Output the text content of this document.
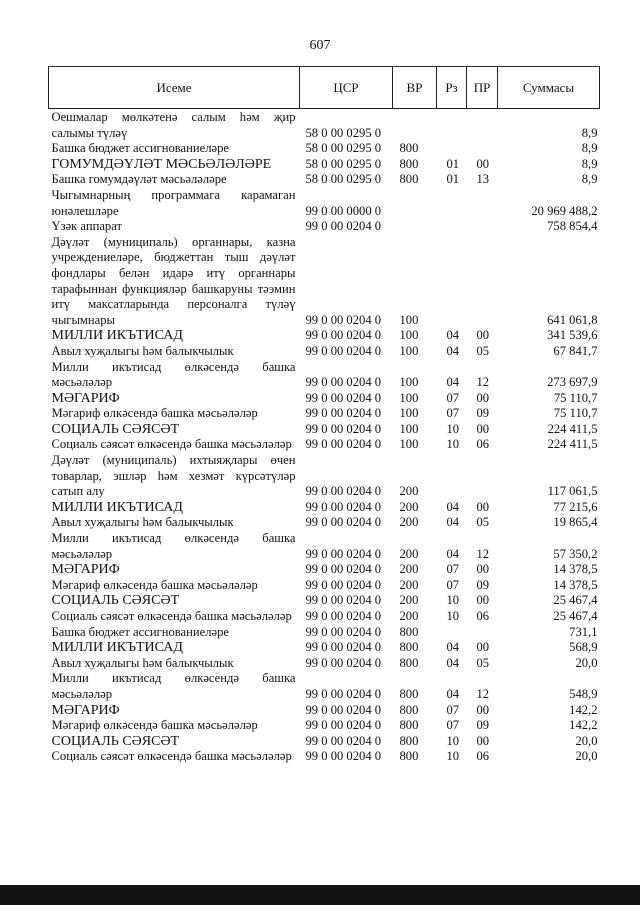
607
Исеме	ЦСР	ВР	Рз	ПР	Суммасы
Оешмалар мөлкәтенә салым һәм җир салымы түләү	58 0 00 0295 0				8,9
Башка бюджет ассигнованиеләре	58 0 00 0295 0	800			8,9
ГОМУМДӘҮЛӘТ МӘСЬӘЛӘЛӘРЕ	58 0 00 0295 0	800	01	00	8,9
Башка гомумдәүләт мәсьәләләре	58 0 00 0295 0	800	01	13	8,9
Чыгымнарның программага карамаган юнәлешләре	99 0 00 0000 0				20 969 488,2
Үзәк аппарат	99 0 00 0204 0				758 854,4
Дәүләт (муниципаль) органнары, казна учреждениеләре, бюджеттан тыш дәүләт фондлары белән идарә итү органнары тарафыннан функцияләр башкаруны тәэмин итү максатларында персоналга түләү чыгымнары	99 0 00 0204 0	100			641 061,8
МИЛЛИ ИКЪТИСАД	99 0 00 0204 0	100	04	00	341 539,6
Авыл хуҗалыгы һәм балыкчылык	99 0 00 0204 0	100	04	05	67 841,7
Милли икътисад өлкәсендә башка мәсьәләләр	99 0 00 0204 0	100	04	12	273 697,9
МӘГАРИФ	99 0 00 0204 0	100	07	00	75 110,7
Мәгариф өлкәсендә башка мәсьәләләр	99 0 00 0204 0	100	07	09	75 110,7
СОЦИАЛЬ СӘЯСӘТ	99 0 00 0204 0	100	10	00	224 411,5
Социаль сәясәт өлкәсендә башка мәсьәләләр	99 0 00 0204 0	100	10	06	224 411,5
Дәүләт (муниципаль) ихтыяҗлары өчен товарлар, эшләр һәм хезмәт күрсәтүләр сатып алу	99 0 00 0204 0	200			117 061,5
МИЛЛИ ИКЪТИСАД	99 0 00 0204 0	200	04	00	77 215,6
Авыл хуҗалыгы һәм балыкчылык	99 0 00 0204 0	200	04	05	19 865,4
Милли икътисад өлкәсендә башка мәсьәләләр	99 0 00 0204 0	200	04	12	57 350,2
МӘГАРИФ	99 0 00 0204 0	200	07	00	14 378,5
Мәгариф өлкәсендә башка мәсьәләләр	99 0 00 0204 0	200	07	09	14 378,5
СОЦИАЛЬ СӘЯСӘТ	99 0 00 0204 0	200	10	00	25 467,4
Социаль сәясәт өлкәсендә башка мәсьәләләр	99 0 00 0204 0	200	10	06	25 467,4
Башка бюджет ассигнованиеләре	99 0 00 0204 0	800			731,1
МИЛЛИ ИКЪТИСАД	99 0 00 0204 0	800	04	00	568,9
Авыл хуҗалыгы һәм балыкчылык	99 0 00 0204 0	800	04	05	20,0
Милли икътисад өлкәсендә башка мәсьәләләр	99 0 00 0204 0	800	04	12	548,9
МӘГАРИФ	99 0 00 0204 0	800	07	00	142,2
Мәгариф өлкәсендә башка мәсьәләләр	99 0 00 0204 0	800	07	09	142,2
СОЦИАЛЬ СӘЯСӘТ	99 0 00 0204 0	800	10	00	20,0
Социаль сәясәт өлкәсендә башка мәсьәләләр	99 0 00 0204 0	800	10	06	20,0
